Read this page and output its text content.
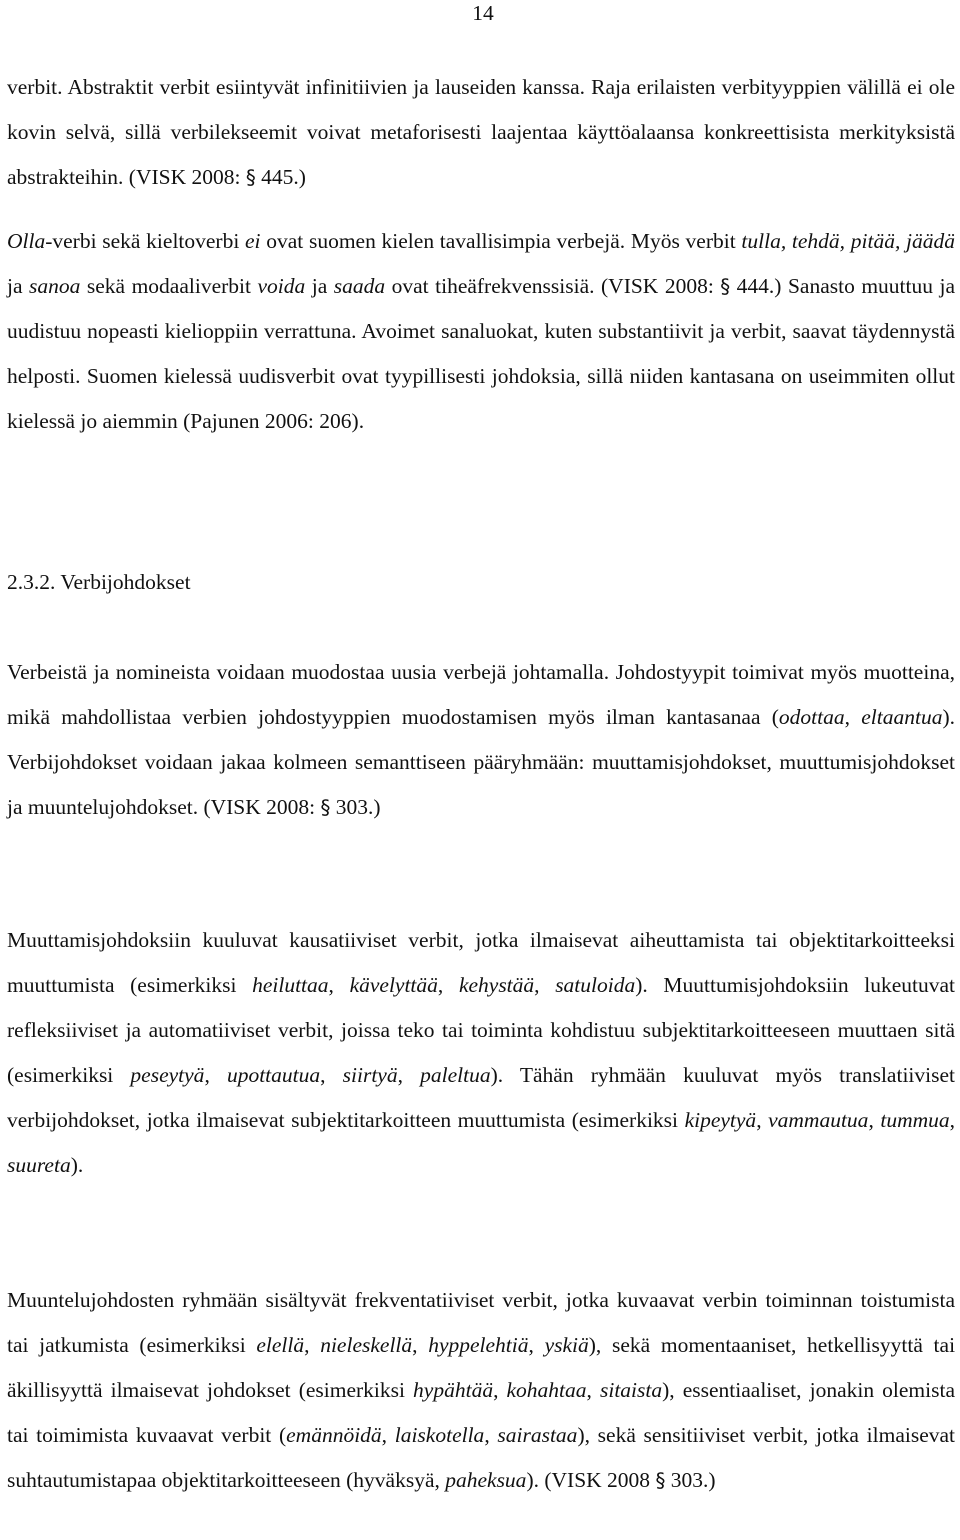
14

verbit. Abstraktit verbit esiintyvät infinitiivien ja lauseiden kanssa. Raja erilaisten verbityyppien välillä ei ole kovin selvä, sillä verbilekseemit voivat metaforisesti laajentaa käyttöalaansa konkreettisista merkityksistä abstrakteihin. (VISK 2008: § 445.)

Olla-verbi sekä kieltoverbi ei ovat suomen kielen tavallisimpia verbejä. Myös verbit tulla, tehdä, pitää, jäädä ja sanoa sekä modaaliverbit voida ja saada ovat tiheäfrekvenssisiä. (VISK 2008: § 444.) Sanasto muuttuu ja uudistuu nopeasti kielioppiin verrattuna. Avoimet sanaluokat, kuten substantiivit ja verbit, saavat täydennystä helposti. Suomen kielessä uudisverbit ovat tyypillisesti johdoksia, sillä niiden kantasana on useimmiten ollut kielessä jo aiemmin (Pajunen 2006: 206).

2.3.2. Verbijohdokset

Verbeistä ja nomineista voidaan muodostaa uusia verbejä johtamalla. Johdostyypit toimivat myös muotteina, mikä mahdollistaa verbien johdostyyppien muodostamisen myös ilman kantasanaa (odottaa, eltaantua). Verbijohdokset voidaan jakaa kolmeen semanttiseen pääryhmään: muuttamisjohdokset, muuttumisjohdokset ja muuntelujohdokset. (VISK 2008: § 303.)

Muuttamisjohdoksiin kuuluvat kausatiiviset verbit, jotka ilmaisevat aiheuttamista tai objektitarkoitteeksi muuttumista (esimerkiksi heiluttaa, kävelyttää, kehystää, satuloida). Muuttumisjohdoksiin lukeutuvat refleksiiviset ja automatiiviset verbit, joissa teko tai toiminta kohdistuu subjektitarkoitteeseen muuttaen sitä (esimerkiksi peseytyä, upottautua, siirtyä, paleltua). Tähän ryhmään kuuluvat myös translatiiviset verbijohdokset, jotka ilmaisevat subjektitarkoitteen muuttumista (esimerkiksi kipeytyä, vammautua, tummua, suureta).

Muuntelujohdosten ryhmään sisältyvät frekventatiiviset verbit, jotka kuvaavat verbin toiminnan toistumista tai jatkumista (esimerkiksi elellä, nieleskellä, hyppelehtiä, yskiä), sekä momentaaniset, hetkellisyyttä tai äkillisyyttä ilmaisevat johdokset (esimerkiksi hypähtää, kohahtaa, sitaista), essentiaaliset, jonakin olemista tai toimimista kuvaavat verbit (emännöidä, laiskotella, sairastaa), sekä sensitiiviset verbit, jotka ilmaisevat suhtautumistapaa objektitarkoitteeseen (hyväksyä, paheksua). (VISK 2008 § 303.)
